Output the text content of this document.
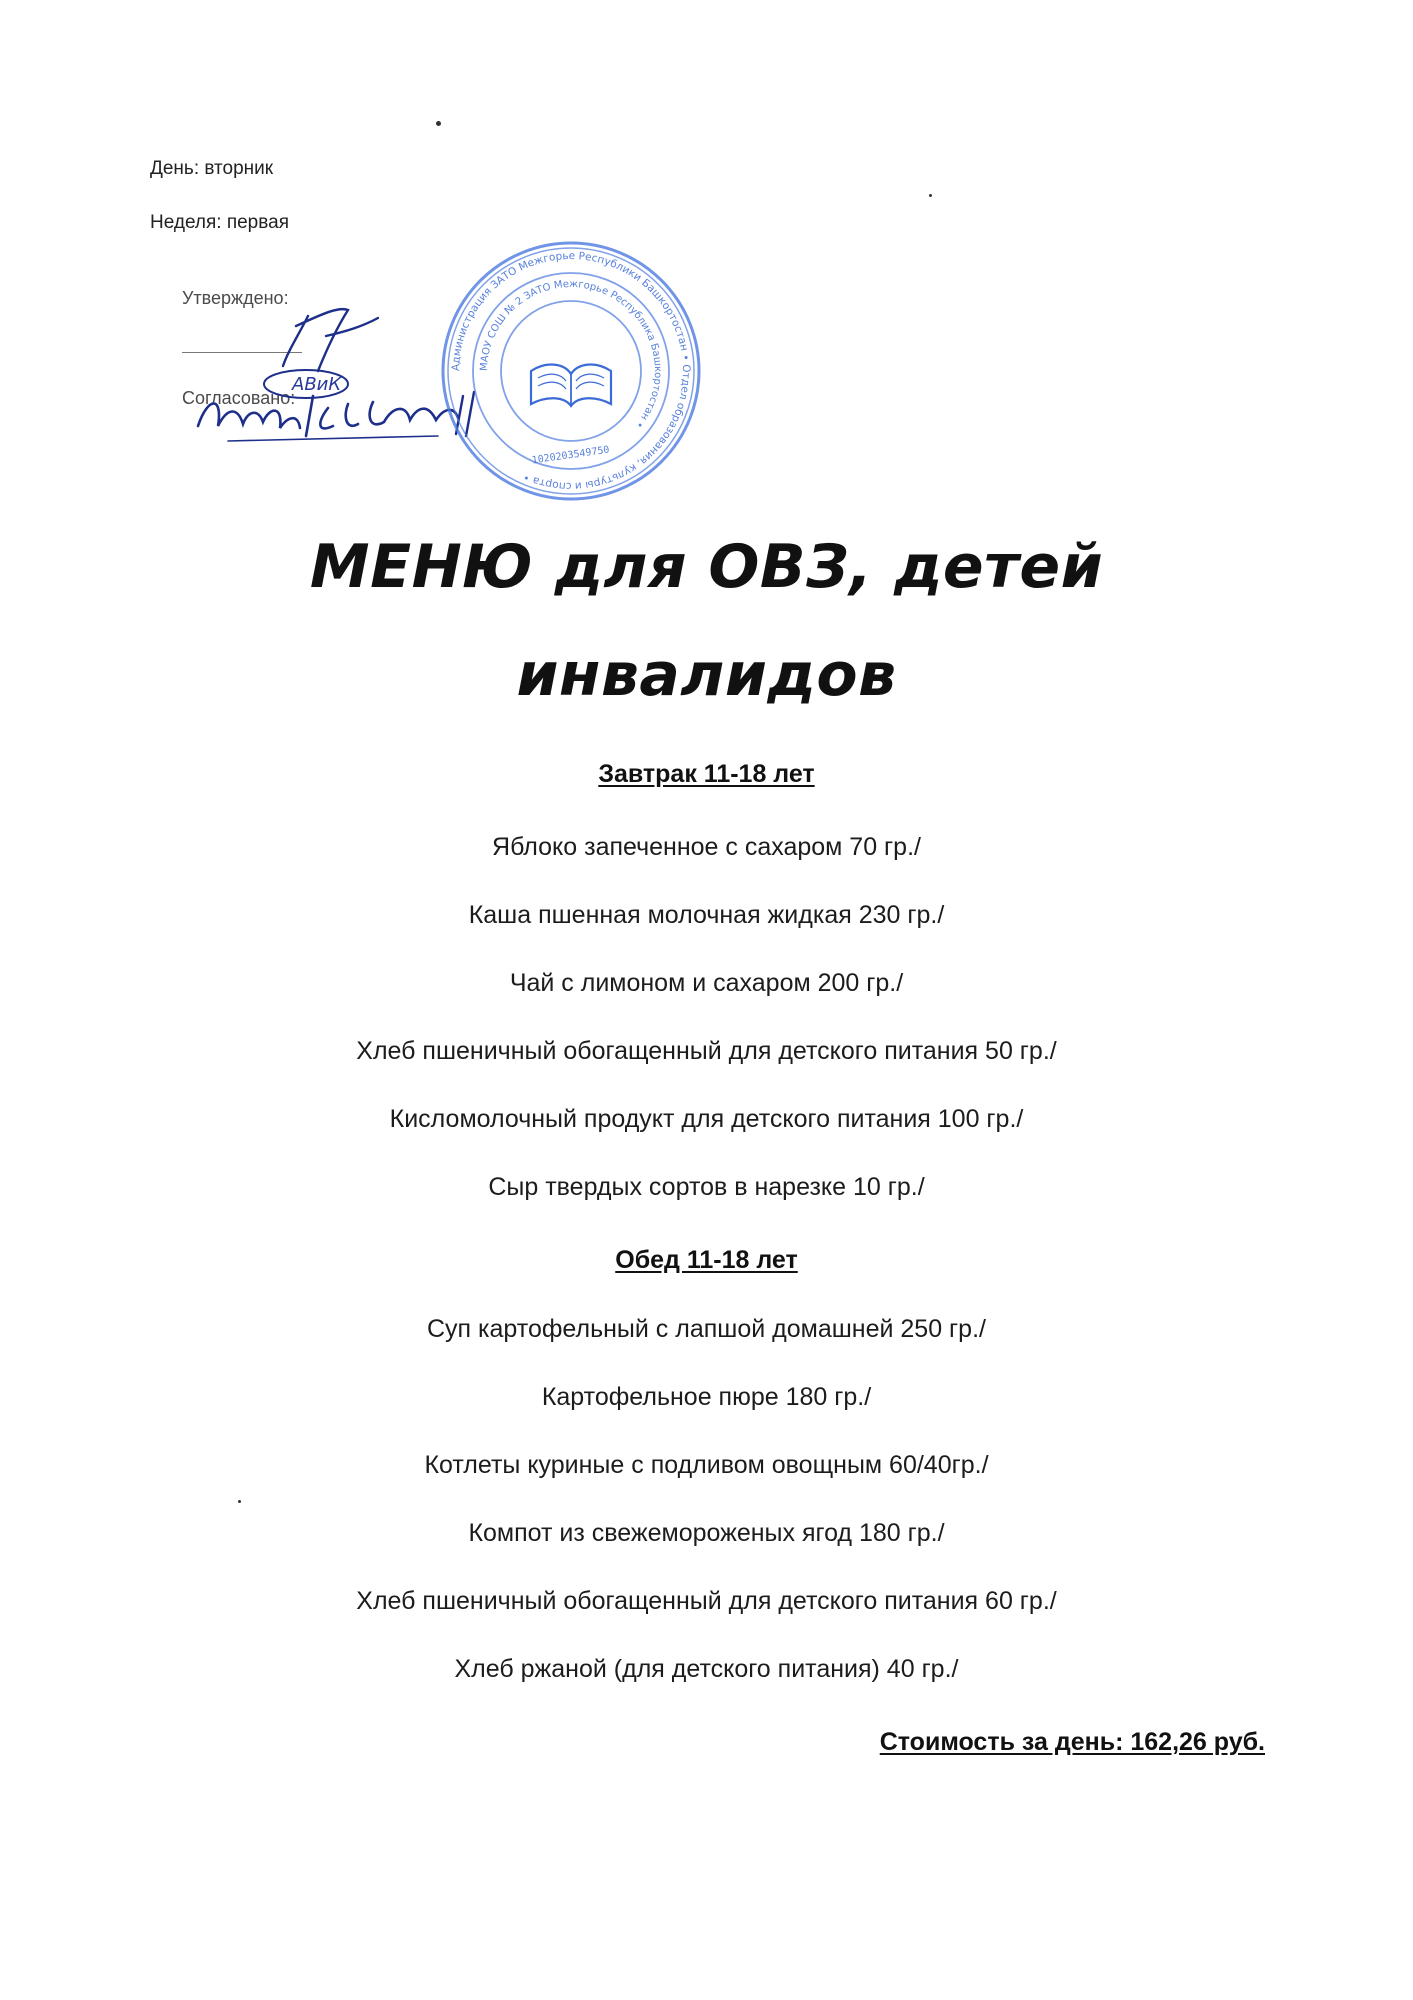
День: вторник
Неделя: первая
Утверждено:
Согласовано:
ABиК
Администрация ЗАТО Межгорье Республики Башкортостан • Отдел образования, культуры и спорта •
МАОУ СОШ № 2 ЗАТО Межгорье Республика Башкортостан •
1020203549750
МЕНЮ для ОВЗ, детей
инвалидов
Завтрак 11-18 лет
Яблоко запеченное с сахаром 70 гр./
Каша пшенная молочная жидкая 230 гр./
Чай с лимоном и сахаром 200 гр./
Хлеб пшеничный обогащенный для детского питания 50 гр./
Кисломолочный продукт для детского питания 100 гр./
Сыр твердых сортов в нарезке 10 гр./
Обед 11-18 лет
Суп картофельный с лапшой домашней 250 гр./
Картофельное пюре 180 гр./
Котлеты куриные с подливом овощным 60/40гр./
Компот из свежемороженых ягод 180 гр./
Хлеб пшеничный обогащенный для детского питания 60 гр./
Хлеб ржаной (для детского питания) 40 гр./
Стоимость за день: 162,26 руб.
